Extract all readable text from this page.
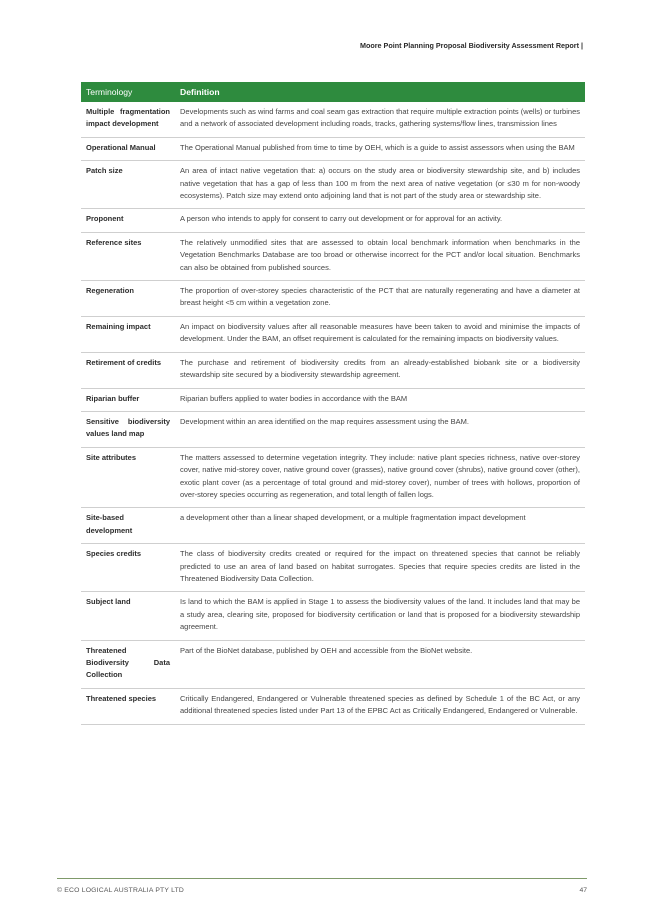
Moore Point Planning Proposal Biodiversity Assessment Report |
Terminology	Definition
Multiple fragmentation impact development	Developments such as wind farms and coal seam gas extraction that require multiple extraction points (wells) or turbines and a network of associated development including roads, tracks, gathering systems/flow lines, transmission lines
Operational Manual	The Operational Manual published from time to time by OEH, which is a guide to assist assessors when using the BAM
Patch size	An area of intact native vegetation that: a) occurs on the study area or biodiversity stewardship site, and b) includes native vegetation that has a gap of less than 100 m from the next area of native vegetation (or ≤30 m for non-woody ecosystems). Patch size may extend onto adjoining land that is not part of the study area or stewardship site.
Proponent	A person who intends to apply for consent to carry out development or for approval for an activity.
Reference sites	The relatively unmodified sites that are assessed to obtain local benchmark information when benchmarks in the Vegetation Benchmarks Database are too broad or otherwise incorrect for the PCT and/or local situation. Benchmarks can also be obtained from published sources.
Regeneration	The proportion of over-storey species characteristic of the PCT that are naturally regenerating and have a diameter at breast height <5 cm within a vegetation zone.
Remaining impact	An impact on biodiversity values after all reasonable measures have been taken to avoid and minimise the impacts of development. Under the BAM, an offset requirement is calculated for the remaining impacts on biodiversity values.
Retirement of credits	The purchase and retirement of biodiversity credits from an already-established biobank site or a biodiversity stewardship site secured by a biodiversity stewardship agreement.
Riparian buffer	Riparian buffers applied to water bodies in accordance with the BAM
Sensitive biodiversity values land map	Development within an area identified on the map requires assessment using the BAM.
Site attributes	The matters assessed to determine vegetation integrity. They include: native plant species richness, native over-storey cover, native mid-storey cover, native ground cover (grasses), native ground cover (shrubs), native ground cover (other), exotic plant cover (as a percentage of total ground and mid-storey cover), number of trees with hollows, proportion of over-storey species occurring as regeneration, and total length of fallen logs.
Site-based development	a development other than a linear shaped development, or a multiple fragmentation impact development
Species credits	The class of biodiversity credits created or required for the impact on threatened species that cannot be reliably predicted to use an area of land based on habitat surrogates. Species that require species credits are listed in the Threatened Biodiversity Data Collection.
Subject land	Is land to which the BAM is applied in Stage 1 to assess the biodiversity values of the land. It includes land that may be a study area, clearing site, proposed for biodiversity certification or land that is proposed for a biodiversity stewardship agreement.
Threatened Biodiversity Data Collection	Part of the BioNet database, published by OEH and accessible from the BioNet website.
Threatened species	Critically Endangered, Endangered or Vulnerable threatened species as defined by Schedule 1 of the BC Act, or any additional threatened species listed under Part 13 of the EPBC Act as Critically Endangered, Endangered or Vulnerable.
© ECO LOGICAL AUSTRALIA PTY LTD	47
